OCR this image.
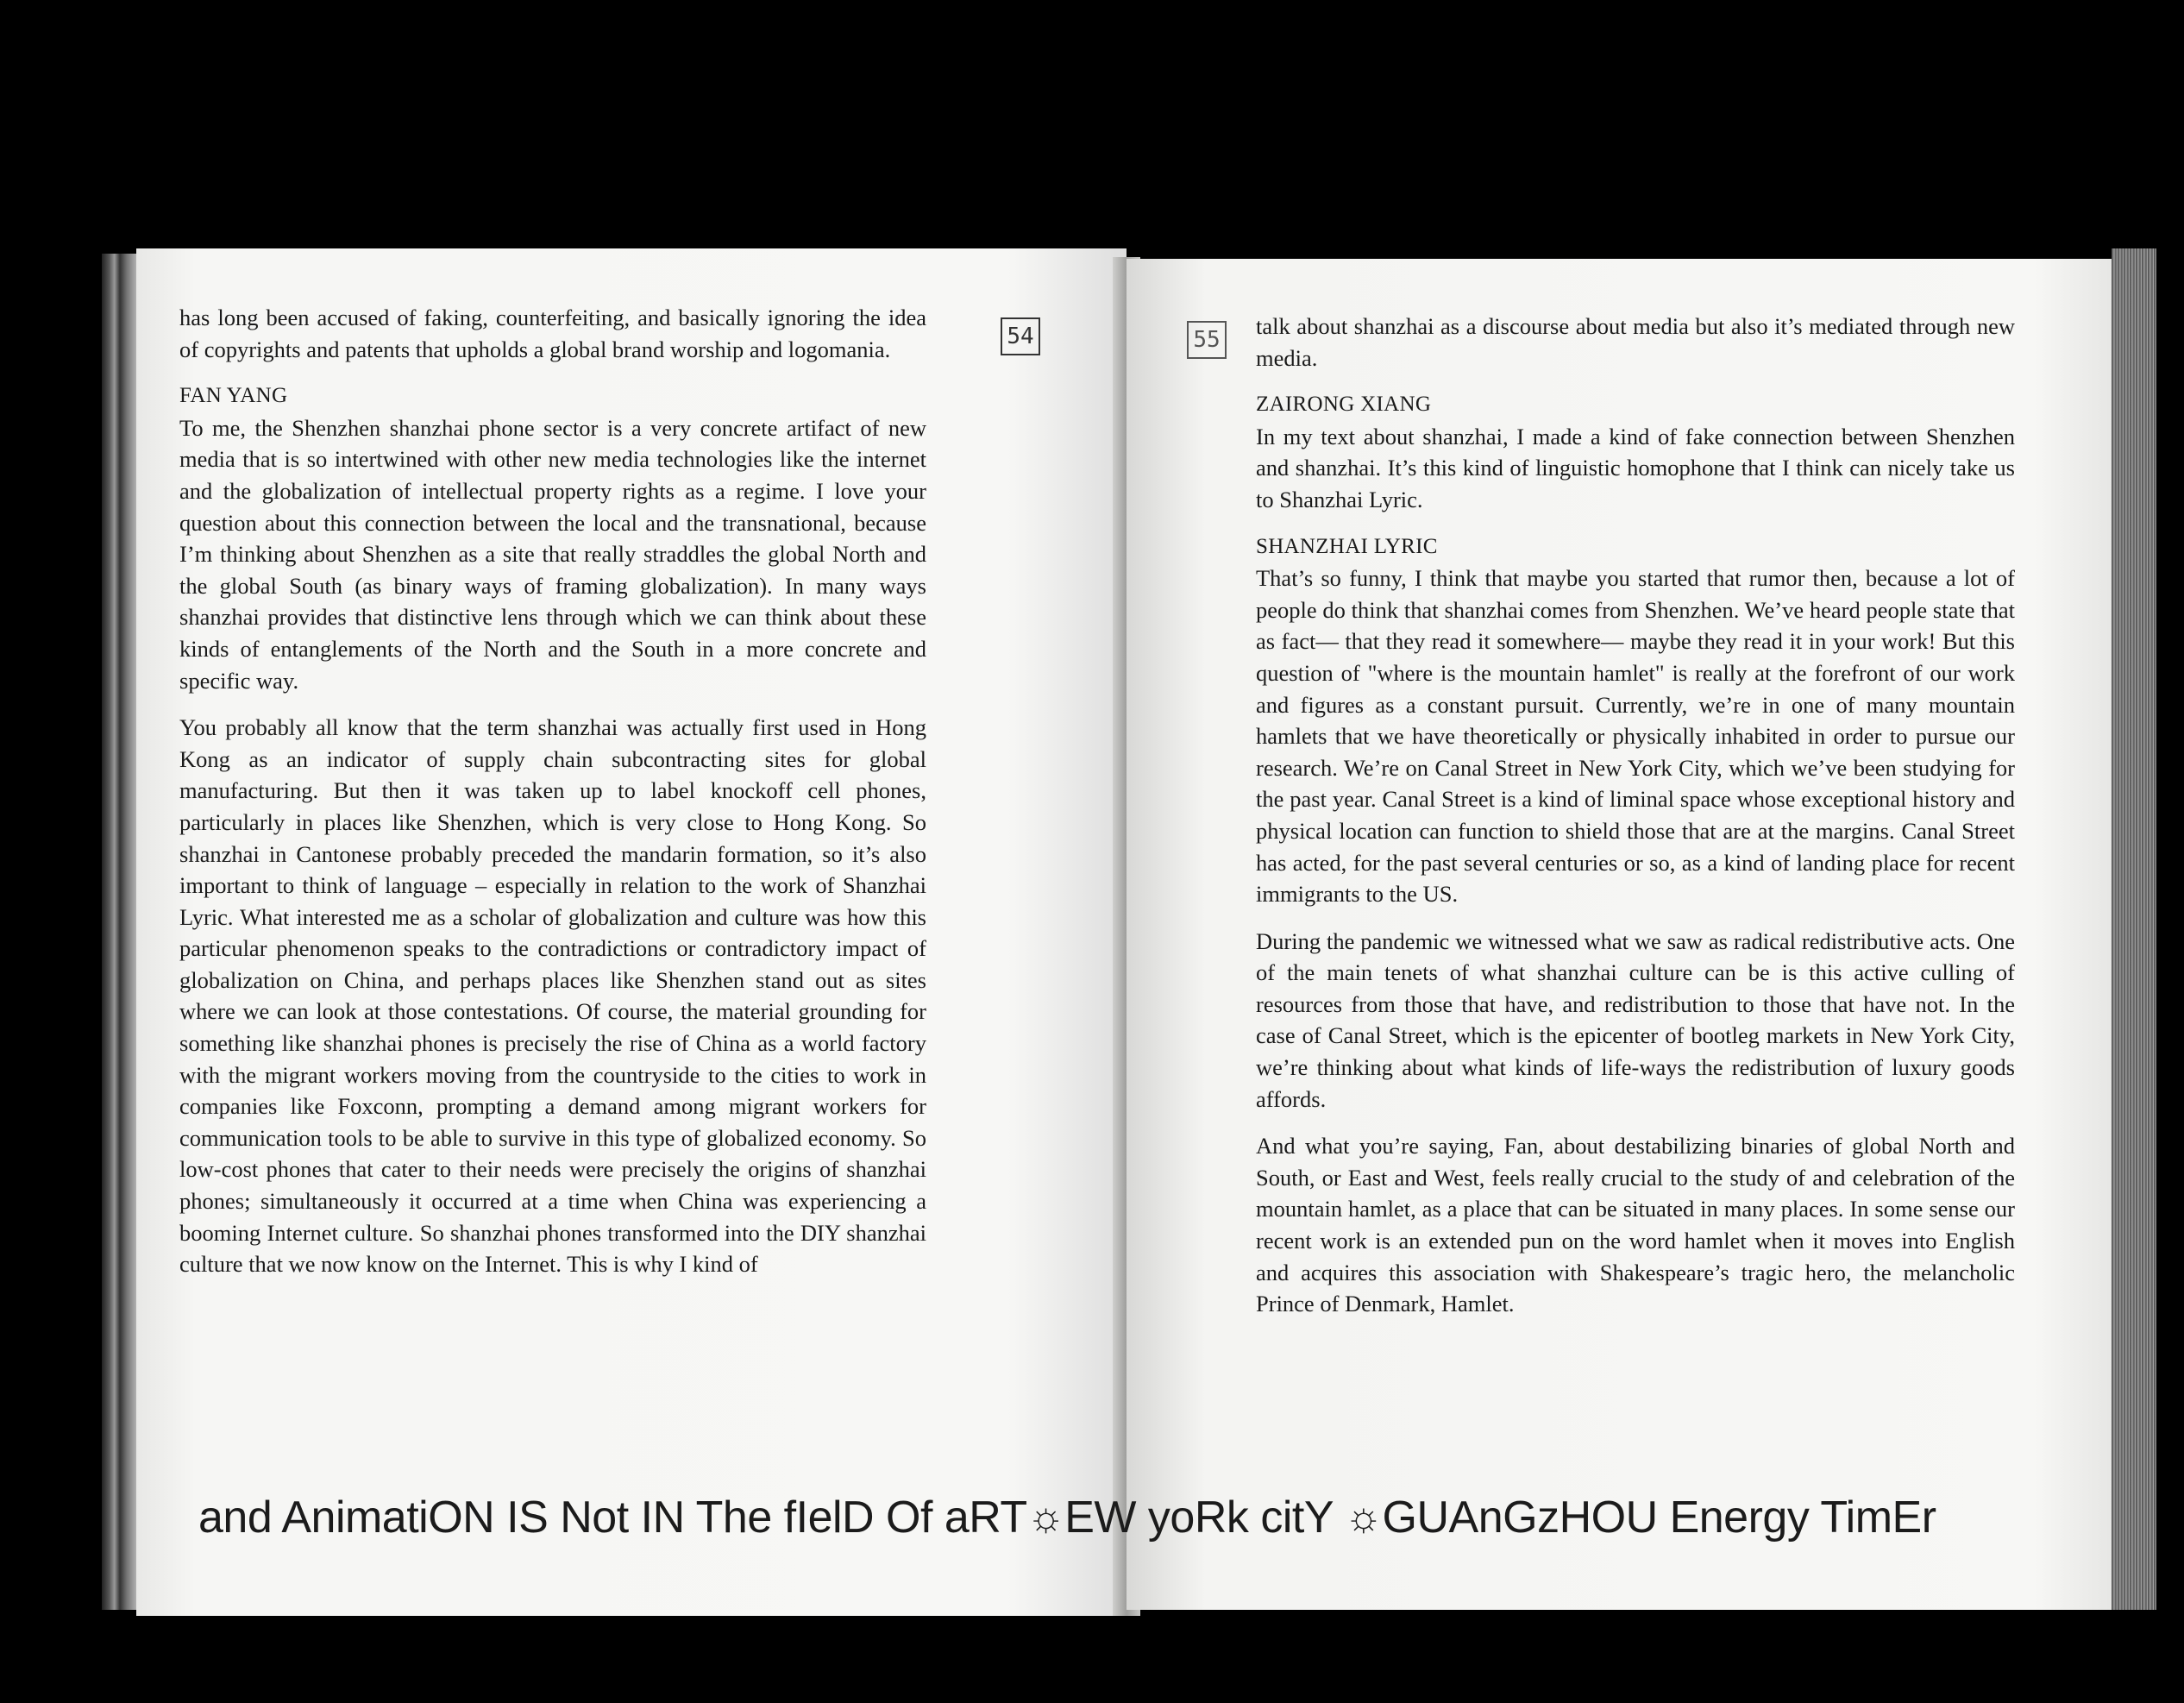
54

has long been accused of faking, counterfeiting, and basically ignoring the idea of copyrights and patents that upholds a global brand worship and logomania.

FAN YANG

To me, the Shenzhen shanzhai phone sector is a very concrete artifact of new media that is so intertwined with other new media technologies like the internet and the globalization of intellectual property rights as a regime. I love your question about this connection between the local and the transnational, because I’m thinking about Shenzhen as a site that really straddles the global North and the global South (as binary ways of framing globalization). In many ways shanzhai provides that distinctive lens through which we can think about these kinds of entanglements of the North and the South in a more concrete and specific way.

You probably all know that the term shanzhai was actually first used in Hong Kong as an indicator of supply chain subcontracting sites for global manufacturing. But then it was taken up to label knockoff cell phones, particularly in places like Shenzhen, which is very close to Hong Kong. So shanzhai in Cantonese probably preceded the mandarin formation, so it’s also important to think of language – especially in relation to the work of Shanzhai Lyric. What interested me as a scholar of globalization and culture was how this particular phenomenon speaks to the contradictions or contradictory impact of globalization on China, and perhaps places like Shenzhen stand out as sites where we can look at those contestations. Of course, the material grounding for something like shanzhai phones is precisely the rise of China as a world factory with the migrant workers moving from the countryside to the cities to work in companies like Foxconn, prompting a demand among migrant workers for communication tools to be able to survive in this type of globalized economy. So low-cost phones that cater to their needs were precisely the origins of shanzhai phones; simultaneously it occurred at a time when China was experiencing a booming Internet culture. So shanzhai phones transformed into the DIY shanzhai culture that we now know on the Internet. This is why I kind of

55

talk about shanzhai as a discourse about media but also it’s mediated through new media.

ZAIRONG XIANG

In my text about shanzhai, I made a kind of fake connection between Shenzhen and shanzhai. It’s this kind of linguistic homophone that I think can nicely take us to Shanzhai Lyric.

SHANZHAI LYRIC

That’s so funny, I think that maybe you started that rumor then, because a lot of people do think that shanzhai comes from Shenzhen. We’ve heard people state that as fact— that they read it somewhere— maybe they read it in your work! But this question of "where is the mountain hamlet" is really at the forefront of our work and figures as a constant pursuit. Currently, we’re in one of many mountain hamlets that we have theoretically or physically inhabited in order to pursue our research. We’re on Canal Street in New York City, which we’ve been studying for the past year. Canal Street is a kind of liminal space whose exceptional history and physical location can function to shield those that are at the margins. Canal Street has acted, for the past several centuries or so, as a kind of landing place for recent immigrants to the US.

During the pandemic we witnessed what we saw as radical redistributive acts. One of the main tenets of what shanzhai culture can be is this active culling of resources from those that have, and redistribution to those that have not. In the case of Canal Street, which is the epicenter of bootleg markets in New York City, we’re thinking about what kinds of life-ways the redistribution of luxury goods affords.

And what you’re saying, Fan, about destabilizing binaries of global North and South, or East and West, feels really crucial to the study of and celebration of the mountain hamlet, as a place that can be situated in many places. In some sense our recent work is an extended pun on the word hamlet when it moves into English and acquires this association with Shakespeare’s tragic hero, the melancholic Prince of Denmark, Hamlet.

and AnimatiON IS Not IN The fIelD Of aRT☼EW yoRk citY ☼GUAnGzHOU Energy TimEr
